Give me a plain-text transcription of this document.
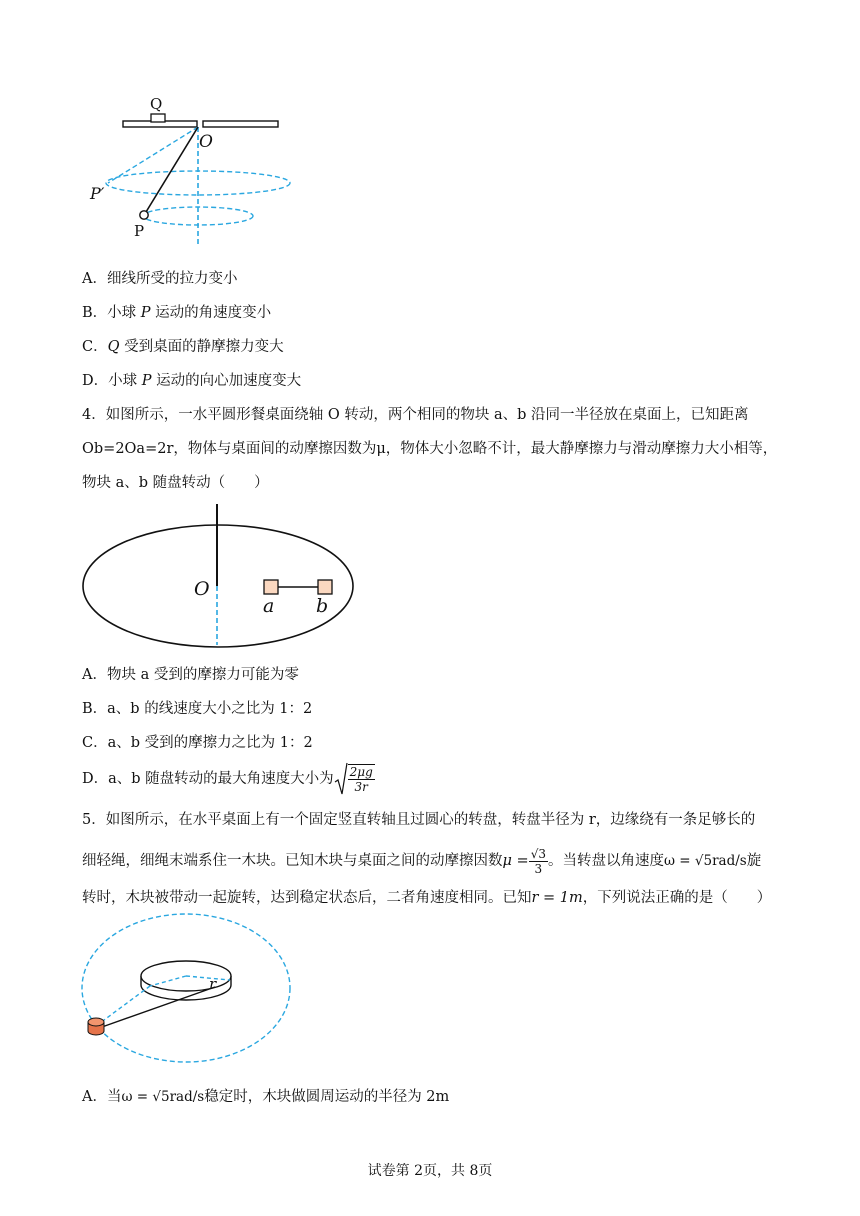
Q
O
P′
P
A．细线所受的拉力变小
B．小球 P 运动的角速度变小
C．Q 受到桌面的静摩擦力变大
D．小球 P 运动的向心加速度变大
4．如图所示，一水平圆形餐桌面绕轴 O 转动，两个相同的物块 a、b 沿同一半径放在桌面上，已知距离
Ob=2Oa=2r，物体与桌面间的动摩擦因数为μ，物体大小忽略不计，最大静摩擦力与滑动摩擦力大小相等，
物块 a、b 随盘转动（　　）
O
a b
A．物块 a 受到的摩擦力可能为零
B．a、b 的线速度大小之比为 1：2
C．a、b 受到的摩擦力之比为 1：2
D．a、b 随盘转动的最大角速度大小为 $\frac{2\mu g}{3r}$
5．如图所示，在水平桌面上有一个固定竖直转轴且过圆心的转盘，转盘半径为 r，边缘绕有一条足够长的
细轻绳，细绳末端系住一木块。已知木块与桌面之间的动摩擦因数$\mu = \frac{√3}{3}$ 。当转盘以角速度ω = √5rad/s旋
转时，木块被带动一起旋转，达到稳定状态后，二者角速度相同。已知r = 1m，下列说法正确的是（　　）
r
A．当ω = √5rad/s稳定时，木块做圆周运动的半径为 2m
试卷第 2页，共 8页
